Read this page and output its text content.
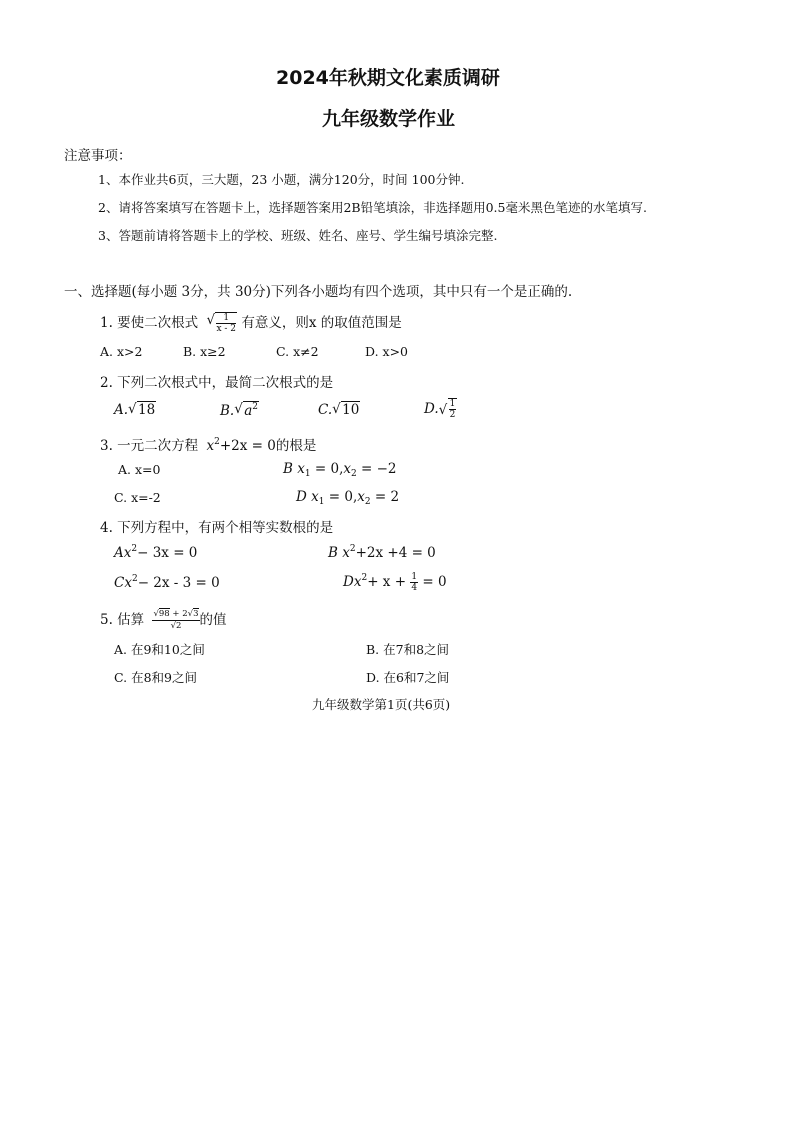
2024年秋期文化素质调研
九年级数学作业
注意事项：
1、本作业共6页，三大题，23 小题，满分120分，时间 100分钟.
2、请将答案填写在答题卡上，选择题答案用2B铅笔填涂，非选择题用0.5毫米黑色笔迹的水笔填写.
3、答题前请将答题卡上的学校、班级、姓名、座号、学生编号填涂完整.
一、选择题(每小题 3分，共 30分)下列各小题均有四个选项，其中只有一个是正确的.
1. 要使二次根式 √ $\frac{1}{x - 2}$ 有意义，则x 的取值范围是
A. x>2	B. x≥2	C. x≠2	D. x>0
2. 下列二次根式中，最简二次根式的是
A. √ 18	B. √ $a^2$	C. √ 10	D. √ $\frac{1}{2}$
3. 一元二次方程 $x^2+2x = 0$的根是
A. x=0	B $x_1 = 0,x_2 = -2$
C. x=-2	D $x_1 = 0,x_2 = 2$
4. 下列方程中，有两个相等实数根的是
$Ax^2- 3x = 0$	B $x^2+2x +4 = 0$
$Cx^2- 2x - 3 = 0$	$Dx^2+ x + \frac{1}{4} = 0$
5. 估算 $\frac{√98 + 2√3}{√2}$ 的值
A. 在9和10之间	B. 在7和8之间
C. 在8和9之间	D. 在6和7之间
九年级数学第1页(共6页)
